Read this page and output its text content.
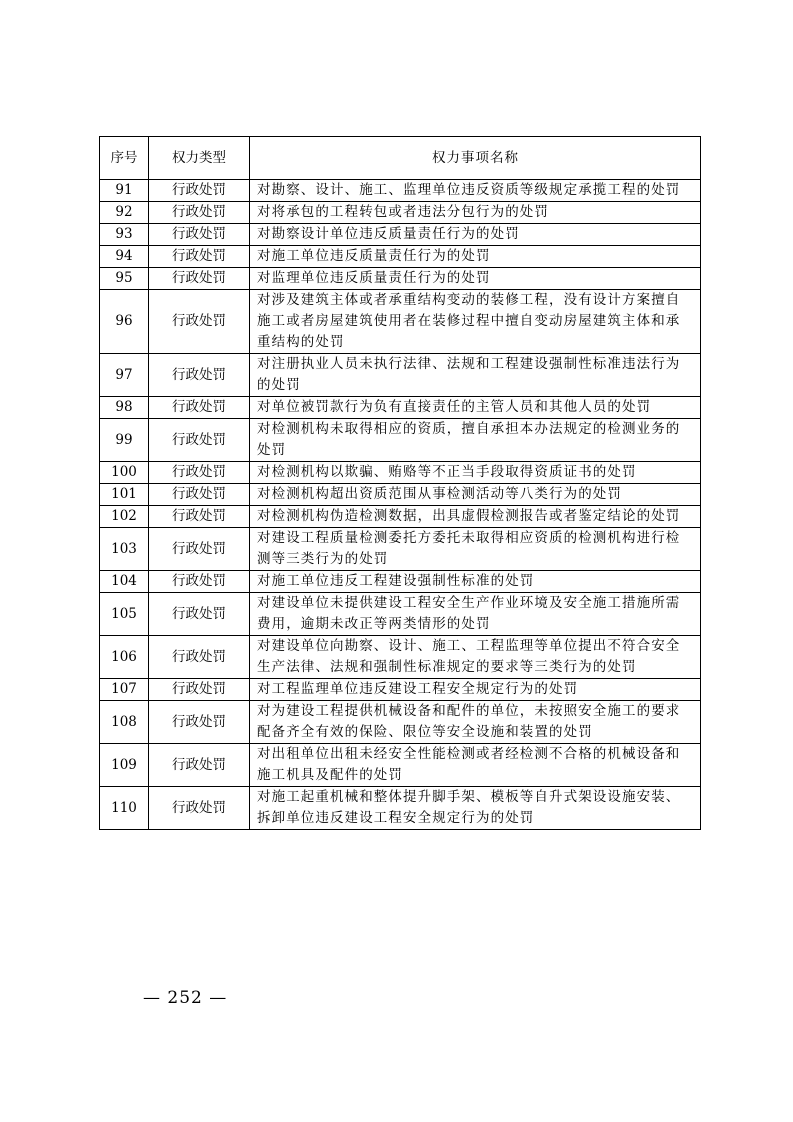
序号	权力类型	权力事项名称
91	行政处罚	对勘察、设计、施工、监理单位违反资质等级规定承揽工程的处罚
92	行政处罚	对将承包的工程转包或者违法分包行为的处罚
93	行政处罚	对勘察设计单位违反质量责任行为的处罚
94	行政处罚	对施工单位违反质量责任行为的处罚
95	行政处罚	对监理单位违反质量责任行为的处罚
96	行政处罚	对涉及建筑主体或者承重结构变动的装修工程，没有设计方案擅自施工或者房屋建筑使用者在装修过程中擅自变动房屋建筑主体和承重结构的处罚
97	行政处罚	对注册执业人员未执行法律、法规和工程建设强制性标准违法行为的处罚
98	行政处罚	对单位被罚款行为负有直接责任的主管人员和其他人员的处罚
99	行政处罚	对检测机构未取得相应的资质，擅自承担本办法规定的检测业务的处罚
100	行政处罚	对检测机构以欺骗、贿赂等不正当手段取得资质证书的处罚
101	行政处罚	对检测机构超出资质范围从事检测活动等八类行为的处罚
102	行政处罚	对检测机构伪造检测数据，出具虚假检测报告或者鉴定结论的处罚
103	行政处罚	对建设工程质量检测委托方委托未取得相应资质的检测机构进行检测等三类行为的处罚
104	行政处罚	对施工单位违反工程建设强制性标准的处罚
105	行政处罚	对建设单位未提供建设工程安全生产作业环境及安全施工措施所需费用，逾期未改正等两类情形的处罚
106	行政处罚	对建设单位向勘察、设计、施工、工程监理等单位提出不符合安全生产法律、法规和强制性标准规定的要求等三类行为的处罚
107	行政处罚	对工程监理单位违反建设工程安全规定行为的处罚
108	行政处罚	对为建设工程提供机械设备和配件的单位，未按照安全施工的要求配备齐全有效的保险、限位等安全设施和装置的处罚
109	行政处罚	对出租单位出租未经安全性能检测或者经检测不合格的机械设备和施工机具及配件的处罚
110	行政处罚	对施工起重机械和整体提升脚手架、模板等自升式架设设施安装、拆卸单位违反建设工程安全规定行为的处罚
— 252 —
